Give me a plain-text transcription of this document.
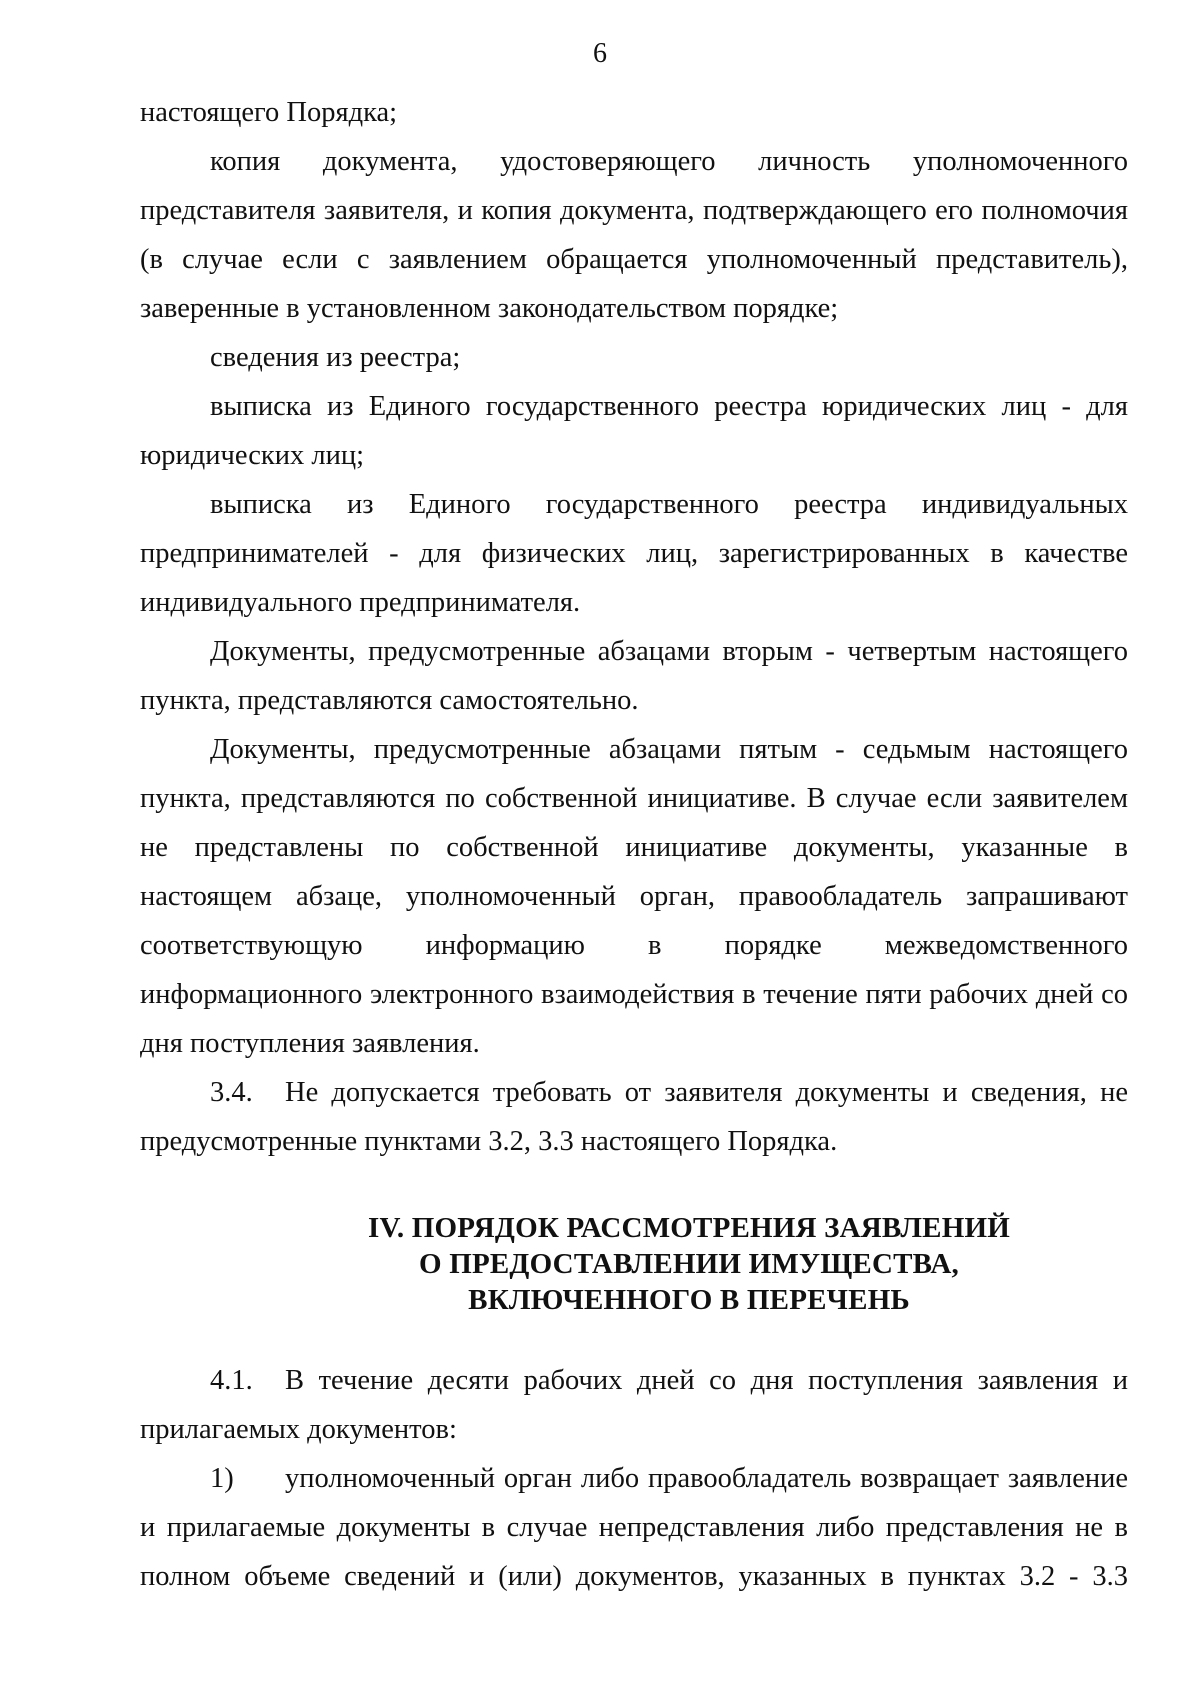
6

настоящего Порядка;

копия документа, удостоверяющего личность уполномоченного представителя заявителя, и копия документа, подтверждающего его полномочия (в случае если с заявлением обращается уполномоченный представитель), заверенные в установленном законодательством порядке;

сведения из реестра;

выписка из Единого государственного реестра юридических лиц - для юридических лиц;

выписка из Единого государственного реестра индивидуальных предпринимателей - для физических лиц, зарегистрированных в качестве индивидуального предпринимателя.

Документы, предусмотренные абзацами вторым - четвертым настоящего пункта, представляются самостоятельно.

Документы, предусмотренные абзацами пятым - седьмым настоящего пункта, представляются по собственной инициативе. В случае если заявителем не представлены по собственной инициативе документы, указанные в настоящем абзаце, уполномоченный орган, правообладатель запрашивают соответствующую информацию в порядке межведомственного информационного электронного взаимодействия в течение пяти рабочих дней со дня поступления заявления.

3.4. Не допускается требовать от заявителя документы и сведения, не предусмотренные пунктами 3.2, 3.3 настоящего Порядка.

IV. ПОРЯДОК РАССМОТРЕНИЯ ЗАЯВЛЕНИЙ

О ПРЕДОСТАВЛЕНИИ ИМУЩЕСТВА,

ВКЛЮЧЕННОГО В ПЕРЕЧЕНЬ

4.1. В течение десяти рабочих дней со дня поступления заявления и прилагаемых документов:

1) уполномоченный орган либо правообладатель возвращает заявление и прилагаемые документы в случае непредставления либо представления не в полном объеме сведений и (или) документов, указанных в пунктах 3.2 - 3.3
